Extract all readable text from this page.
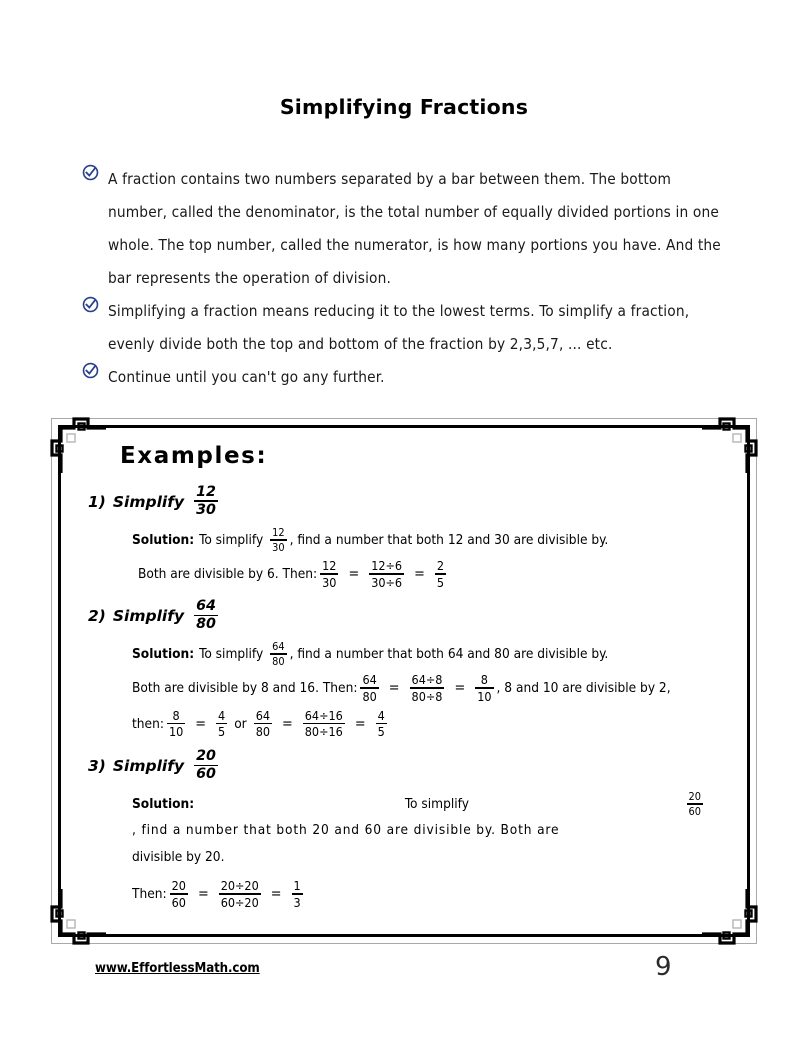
Simplifying Fractions
A fraction contains two numbers separated by a bar between them. The bottom number, called the denominator, is the total number of equally divided portions in one whole. The top number, called the numerator, is how many portions you have. And the bar represents the operation of division.
Simplifying a fraction means reducing it to the lowest terms. To simplify a fraction, evenly divide both the top and bottom of the fraction by 2,3,5,7, ... etc.
Continue until you can't go any further.
Examples:
1) Simplify $\frac{12}{30}$
Solution: To simplify $\frac{12}{30}$ , find a number that both 12 and 30 are divisible by.
Both are divisible by 6. Then: $\frac{12}{30} = \frac{12\div 6}{30\div 6} = \frac{2}{5}$
2) Simplify $\frac{64}{80}$
Solution: To simplify $\frac{64}{80}$ , find a number that both 64 and 80 are divisible by.
Both are divisible by 8 and 16. Then: $\frac{64}{80} = \frac{64\div 8}{80\div 8} = \frac{8}{10}$ , 8 and 10 are divisible by 2,
then: $\frac{8}{10} = \frac{4}{5}$ or $\frac{64}{80} = \frac{64\div 16}{80\div 16} = \frac{4}{5}$
3) Simplify $\frac{20}{60}$
Solution:	To simplify	$\frac{20}{60}$
, find a number that both 20 and 60 are divisible by. Both are
divisible by 20.
Then: $\frac{20}{60} = \frac{20\div 20}{60\div 20} = \frac{1}{3}$
www.EffortlessMath.com	9
